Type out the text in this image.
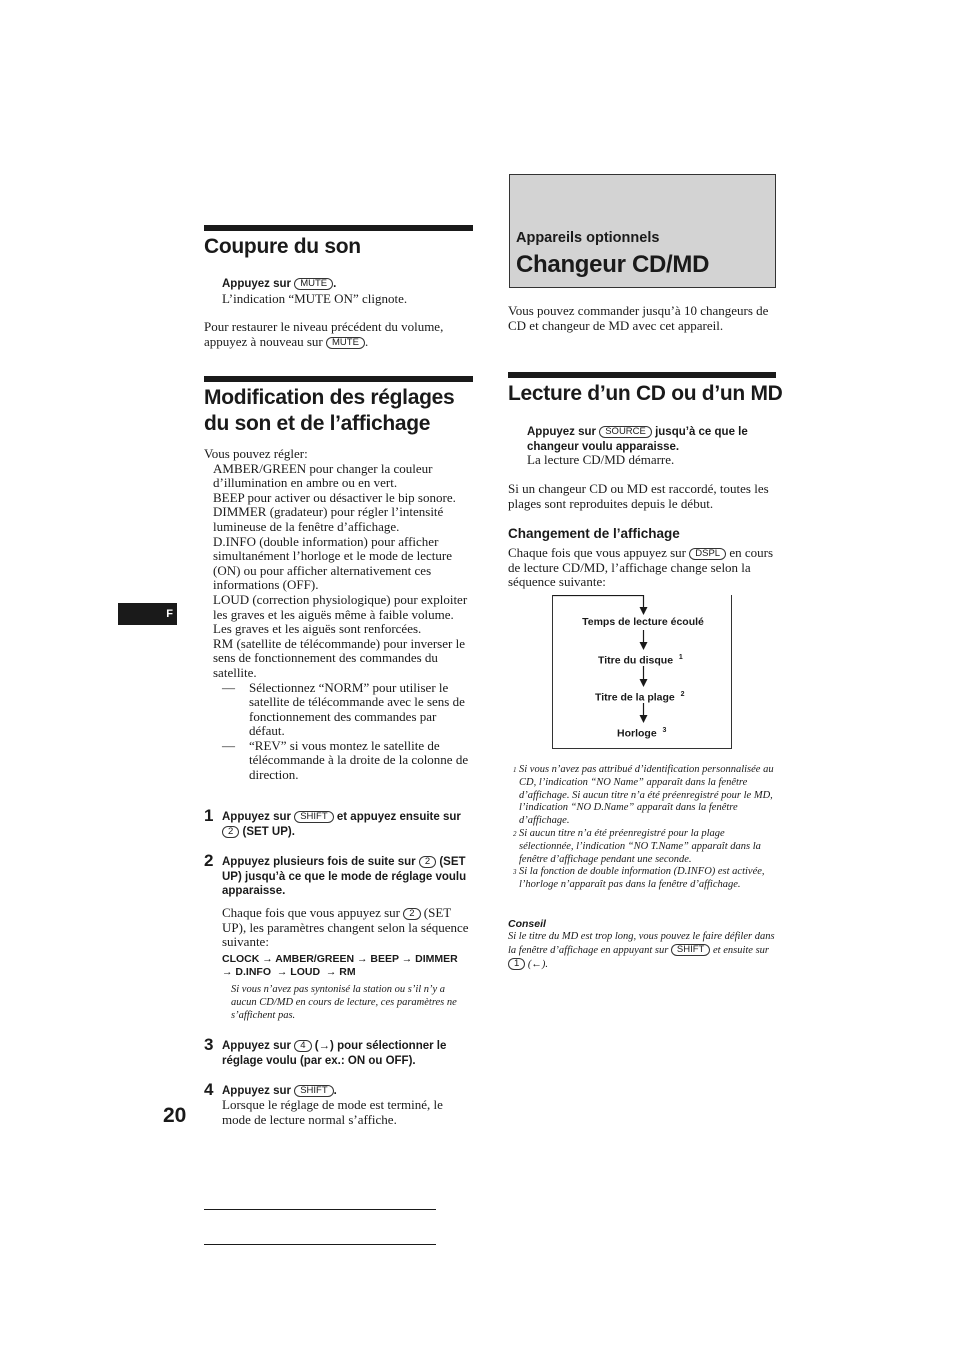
Coupure du son

Appuyez sur MUTE .

L’indication “MUTE ON” clignote.

Pour restaurer le niveau précédent du volume, appuyez à nouveau sur MUTE .
Modification des réglages
du son et de l’affichage

Vous pouvez régler:

AMBER/GREEN pour changer la couleur d’illumination en ambre ou en vert.

BEEP pour activer ou désactiver le bip sonore.

DIMMER (gradateur) pour régler l’intensité lumineuse de la fenêtre d’affichage.

D.INFO (double information) pour afficher simultanément l’horloge et le mode de lecture (ON) ou pour afficher alternativement ces informations (OFF).

LOUD (correction physiologique) pour exploiter les graves et les aiguës même à faible volume. Les graves et les aiguës sont renforcées.

RM (satellite de télécommande) pour inverser le sens de fonctionnement des commandes du satellite.

—	Sélectionnez “NORM” pour utiliser le satellite de télécommande avec le sens de fonctionnement des commandes par défaut.
—	“REV” si vous montez le satellite de télécommande à la droite de la colonne de direction.
1 Appuyez sur SHIFT et appuyez ensuite sur 2 (SET UP).
2 Appuyez plusieurs fois de suite sur 2 (SET UP) jusqu’à ce que le mode de réglage voulu apparaisse.
Chaque fois que vous appuyez sur 2 (SET UP), les paramètres changent selon la séquence suivante:
CLOCK → AMBER/GREEN → BEEP → DIMMER
→ D.INFO  → LOUD  → RM
Si vous n’avez pas syntonisé la station ou s’il n’y a aucun CD/MD en cours de lecture, ces paramètres ne s’affichent pas.
3 Appuyez sur 4 (→) pour sélectionner le réglage voulu (par ex.: ON ou OFF).
4 Appuyez sur SHIFT .
Lorsque le réglage de mode est terminé, le mode de lecture normal s’affiche.
20
F
Appareils optionnels
Changeur CD/MD
Vous pouvez commander jusqu’à 10 changeurs de CD et changeur de MD avec cet appareil.
Lecture d’un CD ou d’un MD
Appuyez sur SOURCE jusqu’à ce que le changeur voulu apparaisse.
La lecture CD/MD démarre.
Si un changeur CD ou MD est raccordé, toutes les plages sont reproduites depuis le début.
Changement de l’affichage
Chaque fois que vous appuyez sur DSPL en cours de lecture CD/MD, l’affichage change selon la séquence suivante:
Temps de lecture écoulé
Titre du disque $^1$
Titre de la plage $^2$
Horloge $^3$
1 Si vous n’avez pas attribué d’identification personnalisée au CD, l’indication “NO Name” apparaît dans la fenêtre d’affichage. Si aucun titre n’a été préenregistré pour le MD, l’indication “NO D.Name” apparaît dans la fenêtre d’affichage.
2 Si aucun titre n’a été préenregistré pour la plage sélectionnée, l’indication “NO T.Name” apparaît dans la fenêtre d’affichage pendant une seconde.
3 Si la fonction de double information (D.INFO) est activée, l’horloge n’apparaît pas dans la fenêtre d’affichage.
Conseil
Si le titre du MD est trop long, vous pouvez le faire défiler dans la fenêtre d’affichage en appuyant sur SHIFT et ensuite sur 1 (←).
